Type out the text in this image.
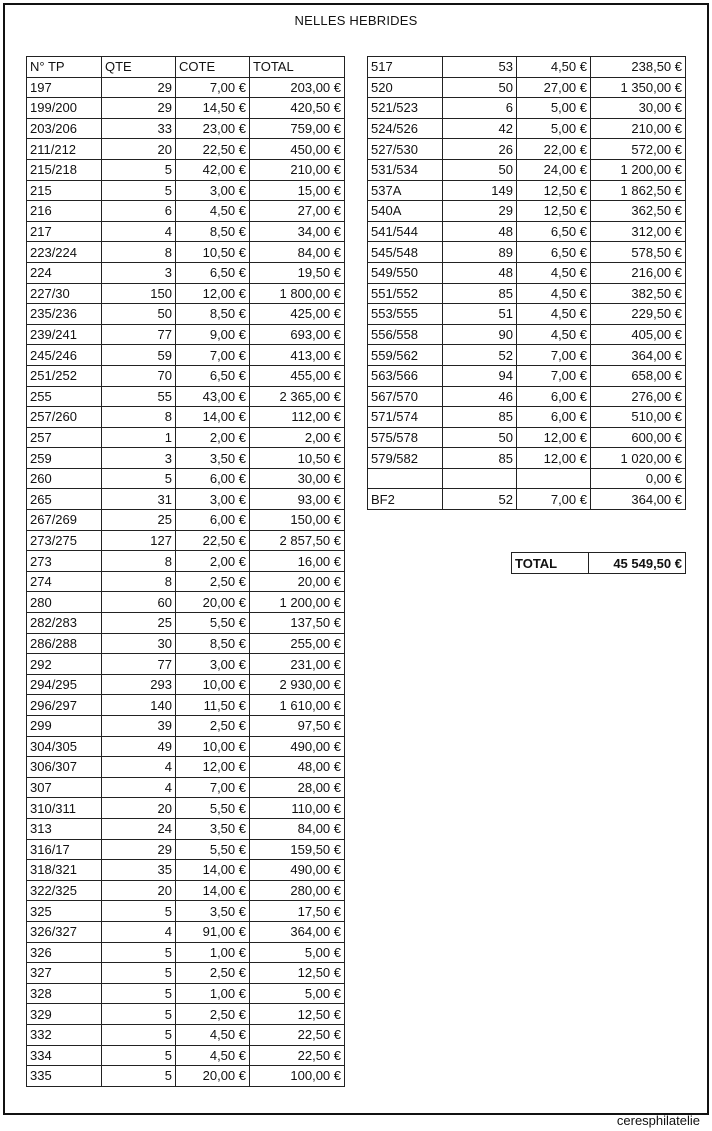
NELLES HEBRIDES
N° TP	QTE	COTE	TOTAL
197	29	7,00 €	203,00 €
199/200	29	14,50 €	420,50 €
203/206	33	23,00 €	759,00 €
211/212	20	22,50 €	450,00 €
215/218	5	42,00 €	210,00 €
215	5	3,00 €	15,00 €
216	6	4,50 €	27,00 €
217	4	8,50 €	34,00 €
223/224	8	10,50 €	84,00 €
224	3	6,50 €	19,50 €
227/30	150	12,00 €	1 800,00 €
235/236	50	8,50 €	425,00 €
239/241	77	9,00 €	693,00 €
245/246	59	7,00 €	413,00 €
251/252	70	6,50 €	455,00 €
255	55	43,00 €	2 365,00 €
257/260	8	14,00 €	112,00 €
257	1	2,00 €	2,00 €
259	3	3,50 €	10,50 €
260	5	6,00 €	30,00 €
265	31	3,00 €	93,00 €
267/269	25	6,00 €	150,00 €
273/275	127	22,50 €	2 857,50 €
273	8	2,00 €	16,00 €
274	8	2,50 €	20,00 €
280	60	20,00 €	1 200,00 €
282/283	25	5,50 €	137,50 €
286/288	30	8,50 €	255,00 €
292	77	3,00 €	231,00 €
294/295	293	10,00 €	2 930,00 €
296/297	140	11,50 €	1 610,00 €
299	39	2,50 €	97,50 €
304/305	49	10,00 €	490,00 €
306/307	4	12,00 €	48,00 €
307	4	7,00 €	28,00 €
310/311	20	5,50 €	110,00 €
313	24	3,50 €	84,00 €
316/17	29	5,50 €	159,50 €
318/321	35	14,00 €	490,00 €
322/325	20	14,00 €	280,00 €
325	5	3,50 €	17,50 €
326/327	4	91,00 €	364,00 €
326	5	1,00 €	5,00 €
327	5	2,50 €	12,50 €
328	5	1,00 €	5,00 €
329	5	2,50 €	12,50 €
332	5	4,50 €	22,50 €
334	5	4,50 €	22,50 €
335	5	20,00 €	100,00 €
517	53	4,50 €	238,50 €
520	50	27,00 €	1 350,00 €
521/523	6	5,00 €	30,00 €
524/526	42	5,00 €	210,00 €
527/530	26	22,00 €	572,00 €
531/534	50	24,00 €	1 200,00 €
537A	149	12,50 €	1 862,50 €
540A	29	12,50 €	362,50 €
541/544	48	6,50 €	312,00 €
545/548	89	6,50 €	578,50 €
549/550	48	4,50 €	216,00 €
551/552	85	4,50 €	382,50 €
553/555	51	4,50 €	229,50 €
556/558	90	4,50 €	405,00 €
559/562	52	7,00 €	364,00 €
563/566	94	7,00 €	658,00 €
567/570	46	6,00 €	276,00 €
571/574	85	6,00 €	510,00 €
575/578	50	12,00 €	600,00 €
579/582	85	12,00 €	1 020,00 €
			0,00 €
BF2	52	7,00 €	364,00 €
TOTAL	45 549,50 €
ceresphilatelie
